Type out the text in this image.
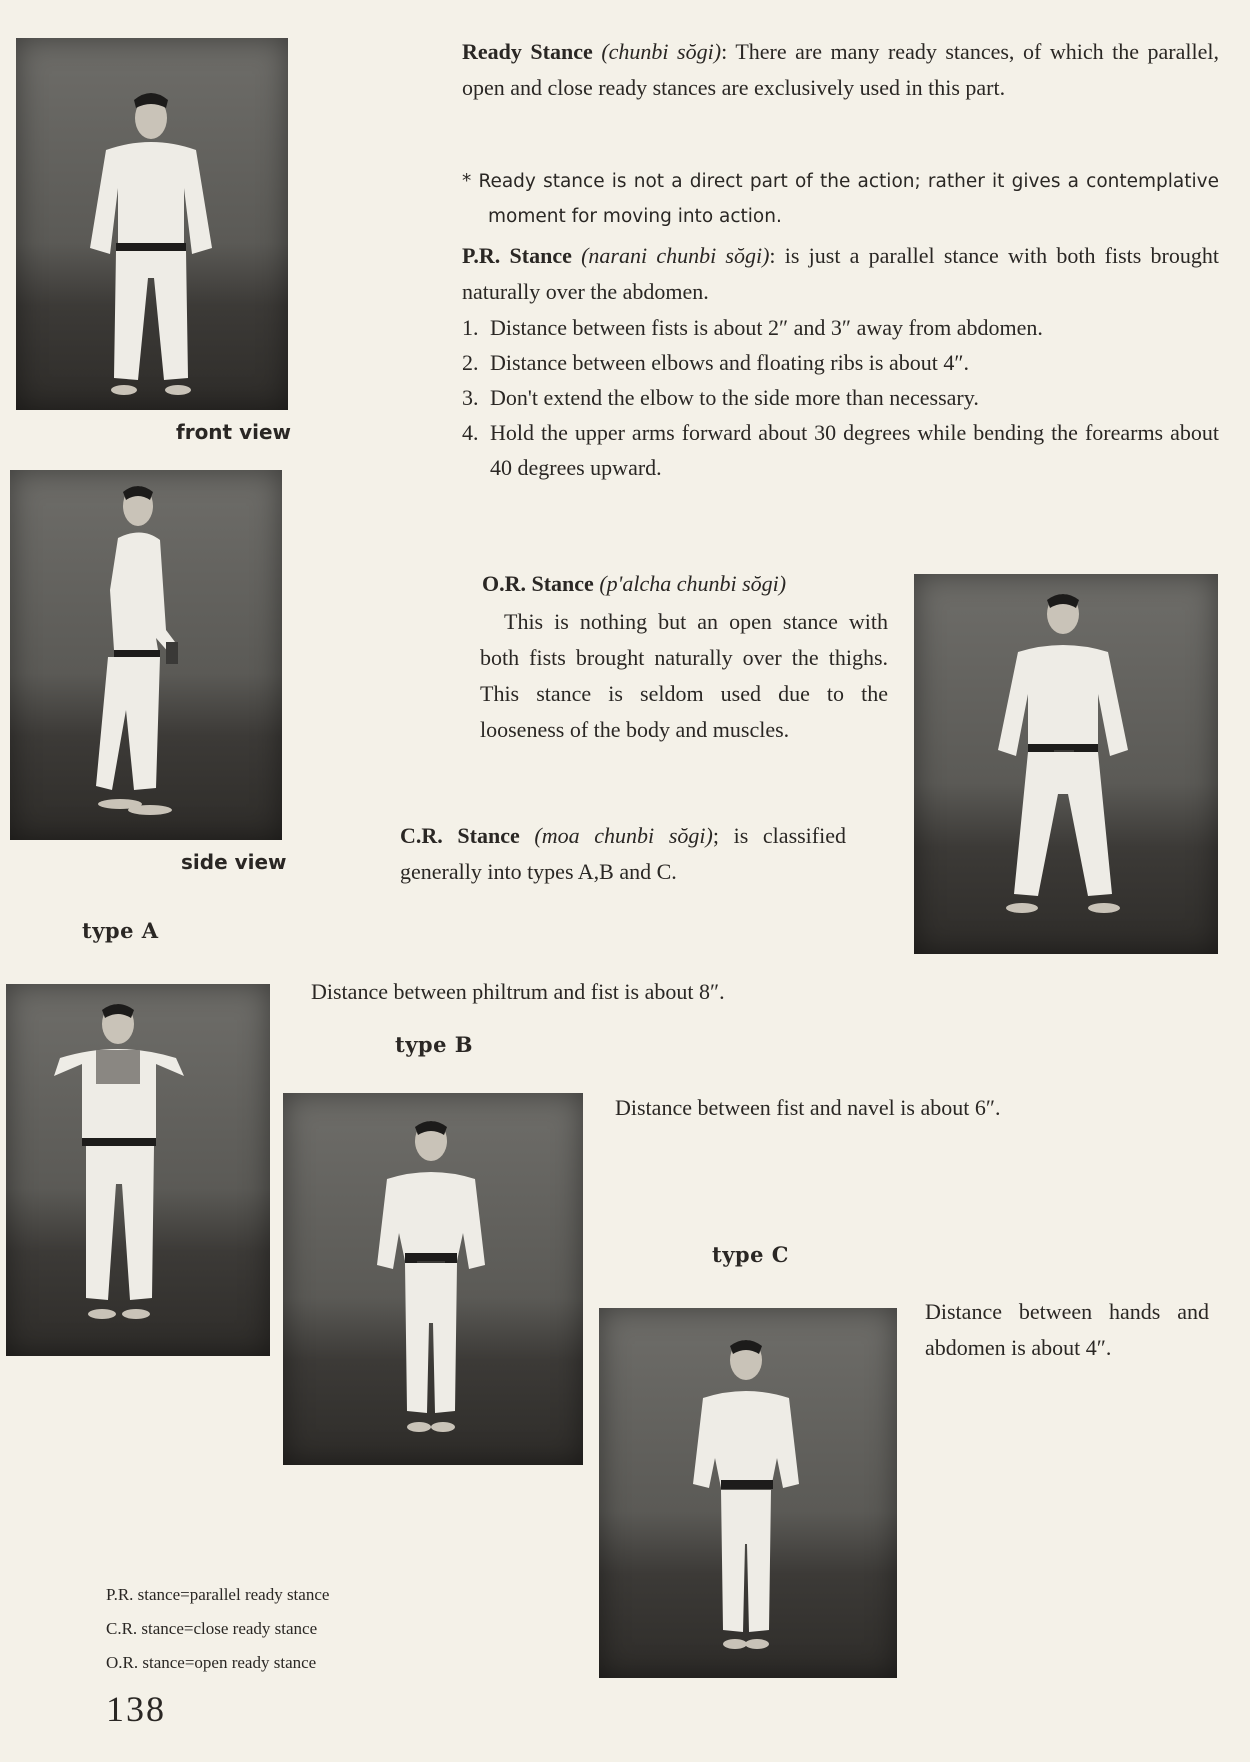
front view
side view
Ready Stance (chunbi sŏgi): There are many ready stances, of which the parallel, open and close ready stances are exclusively used in this part.
* Ready stance is not a direct part of the action; rather it gives a contemplative moment for moving into action.
P.R. Stance (narani chunbi sŏgi): is just a parallel stance with both fists brought naturally over the abdomen.
1. Distance between fists is about 2″ and 3″ away from abdomen.
2. Distance between elbows and floating ribs is about 4″.
3. Don't extend the elbow to the side more than necessary.
4. Hold the upper arms forward about 30 degrees while bending the forearms about 40 degrees upward.
O.R. Stance (p'alcha chunbi sŏgi)
This is nothing but an open stance with both fists brought naturally over the thighs. This stance is seldom used due to the looseness of the body and muscles.
C.R. Stance (moa chunbi sŏgi); is classified generally into types A,B and C.
type A
Distance between philtrum and fist is about 8″.
type B
Distance between fist and navel is about 6″.
type C
Distance between hands and abdomen is about 4″.
P.R. stance=parallel ready stance
C.R. stance=close ready stance
O.R. stance=open ready stance
138
